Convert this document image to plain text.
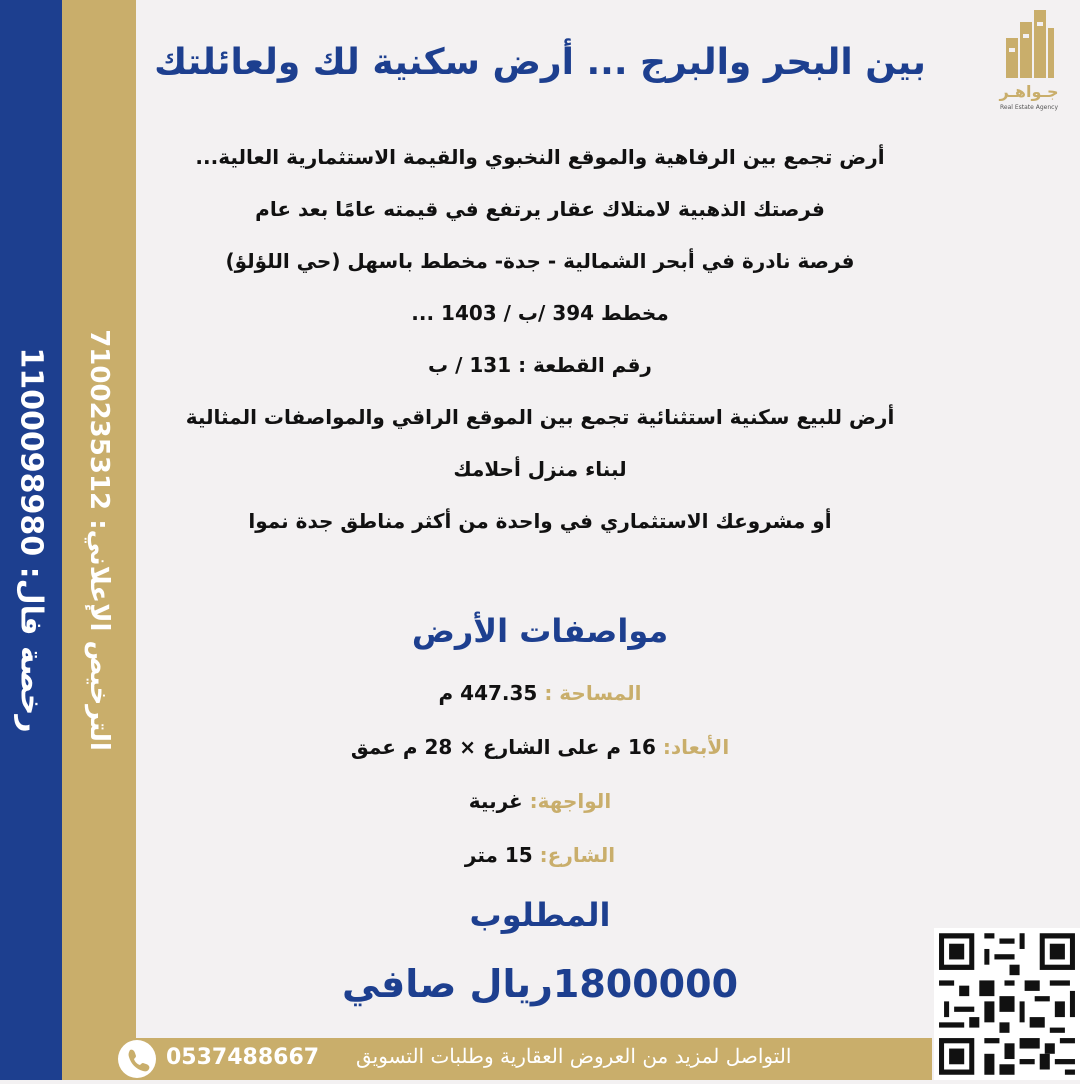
رخصة فال: 1100098980
الترخيص الإعلاني: 7100235312
جـواهـر
Real Estate Agency
بين البحر والبرج ... أرض سكنية لك ولعائلتك

أرض تجمع بين الرفاهية والموقع النخبوي والقيمة الاستثمارية العالية...

فرصتك الذهبية لامتلاك عقار يرتفع في قيمته عامًا بعد عام

فرصة نادرة في أبحر الشمالية - جدة- مخطط باسهل (حي اللؤلؤ)

مخطط 394 /ب / 1403 ...

رقم القطعة : 131 / ب

أرض للبيع سكنية استثنائية تجمع بين الموقع الراقي والمواصفات المثالية

لبناء منزل أحلامك

أو مشروعك الاستثماري في واحدة من أكثر مناطق جدة نموا

مواصفات الأرض

المساحة : 447.35 م

الأبعاد: 16 م على الشارع × 28 م عمق

الواجهة: غربية

الشارع: 15 متر

المطلوب
1800000ريال صافي
0537488667 التواصل لمزيد من العروض العقارية وطلبات التسويق
